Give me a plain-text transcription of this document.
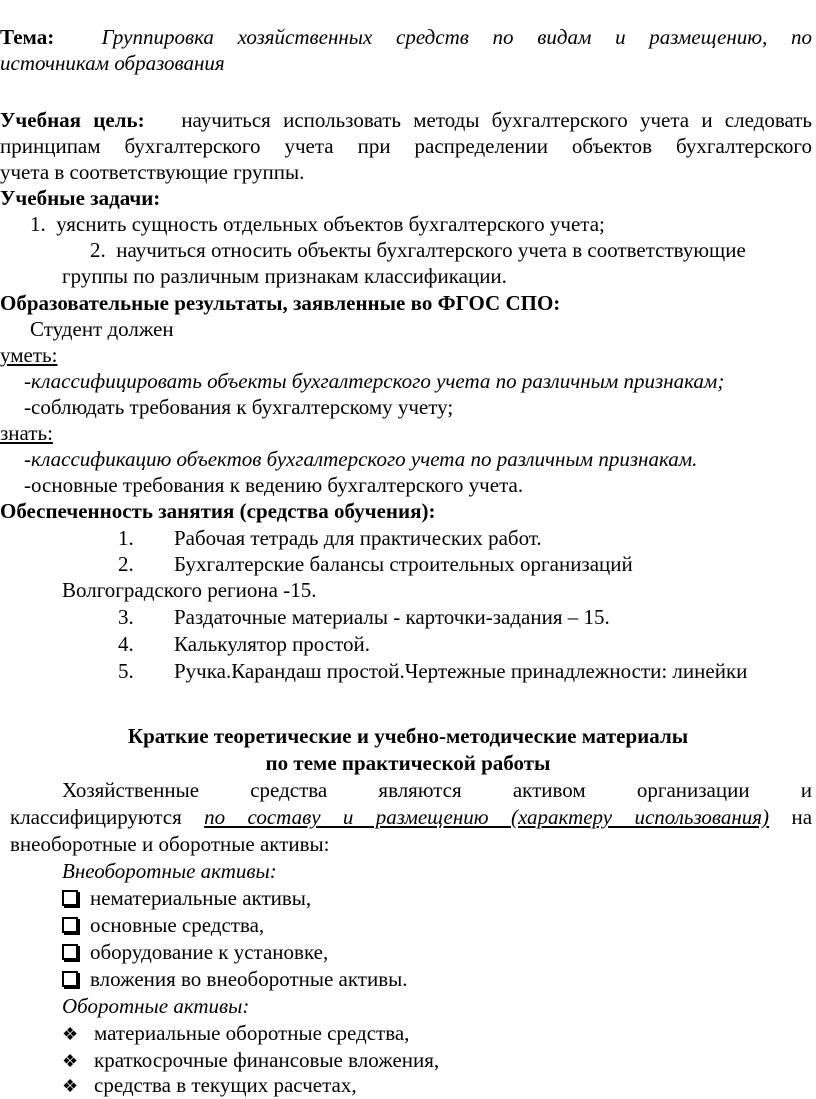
Тема: Группировка хозяйственных средств по видам и размещению, по
источникам образования
Учебная цель: научиться использовать методы бухгалтерского учета и следовать
принципам бухгалтерского учета при распределении объектов бухгалтерского
учета в соответствующие группы.
Учебные задачи:
1. уяснить сущность отдельных объектов бухгалтерского учета;
2. научиться относить объекты бухгалтерского учета в соответствующие
группы по различным признакам классификации.
Образовательные результаты, заявленные во ФГОС СПО:
Студент должен
уметь:
-классифицировать объекты бухгалтерского учета по различным признакам;
-соблюдать требования к бухгалтерскому учету;
знать:
-классификацию объектов бухгалтерского учета по различным признакам.
-основные требования к ведению бухгалтерского учета.
Обеспеченность занятия (средства обучения):
1. Рабочая тетрадь для практических работ.
2. Бухгалтерские балансы строительных организаций
Волгоградского региона -15.
3. Раздаточные материалы - карточки-задания – 15.
4. Калькулятор простой.
5. Ручка.Карандаш простой.Чертежные принадлежности: линейки
Краткие теоретические и учебно-методические материалы
по теме практической работы
Хозяйственные средства являются активом организации и
классифицируются по составу и размещению (характеру использования) на
внеоборотные и оборотные активы:
Внеоборотные активы:
нематериальные активы,
основные средства,
оборудование к установке,
вложения во внеоборотные активы.
Оборотные активы:
❖ материальные оборотные средства,
❖ краткосрочные финансовые вложения,
❖ средства в текущих расчетах,
